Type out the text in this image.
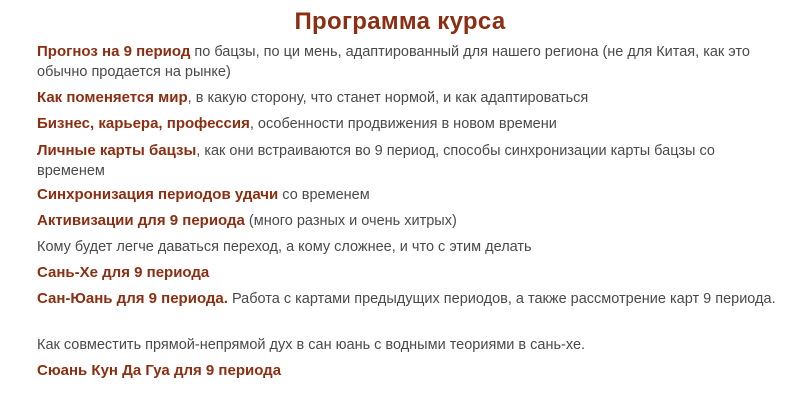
Программа курса
Прогноз на 9 период по бацзы, по ци мень, адаптированный для нашего региона (не для Китая, как это обычно продается на рынке)
Как поменяется мир, в какую сторону, что станет нормой, и как адаптироваться
Бизнес, карьера, профессия, особенности продвижения в новом времени
Личные карты бацзы, как они встраиваются во 9 период, способы синхронизации карты бацзы со временем
Синхронизация периодов удачи со временем
Активизации для 9 периода (много разных и очень хитрых)
Кому будет легче даваться переход, а кому сложнее, и что с этим делать
Сань-Хе для 9 периода
Сан-Юань для 9 периода. Работа с картами предыдущих периодов, а также рассмотрение карт 9 периода.
Как совместить прямой-непрямой дух в сан юань с водными теориями в сань-хе.
Сюань Кун Да Гуа для 9 периода
